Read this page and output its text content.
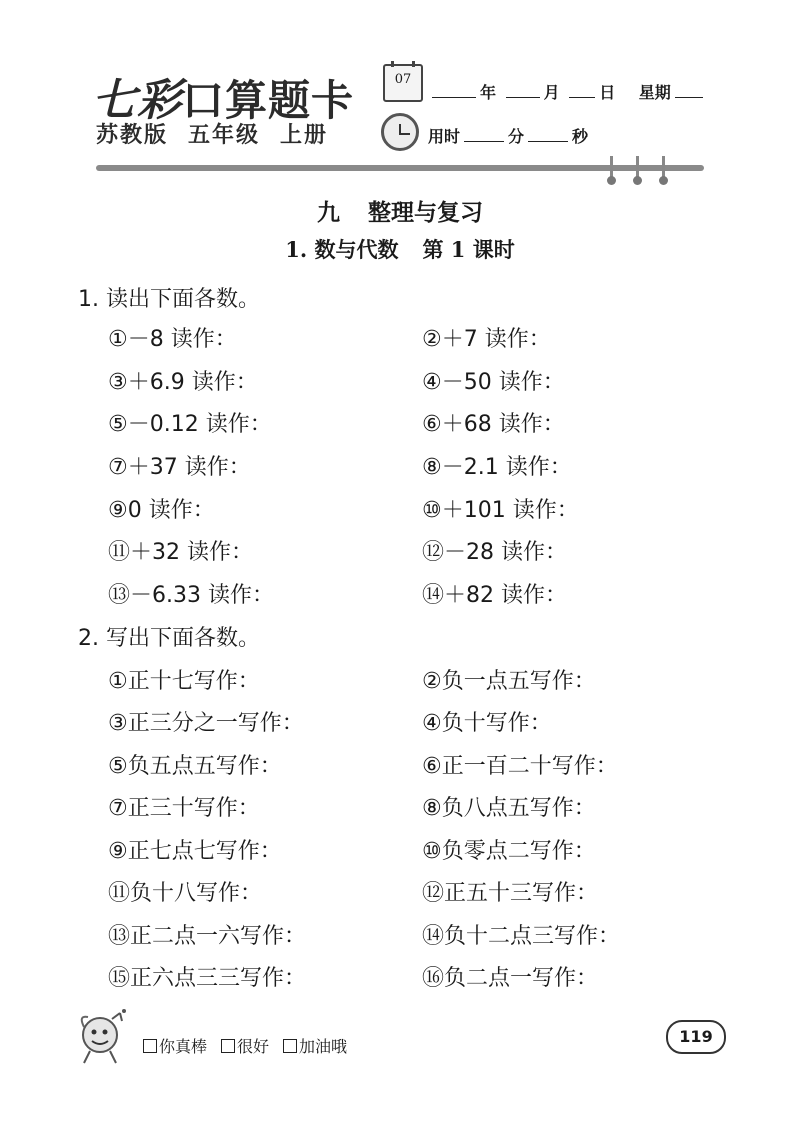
七彩口算题卡
苏教版 五年级 上册
07
年	月 日 星期
用时	分	秒
九 整理与复习
1. 数与代数 第 1 课时
1. 读出下面各数。
①－8 读作：	②＋7 读作：
③＋6.9 读作：	④－50 读作：
⑤－0.12 读作：	⑥＋68 读作：
⑦＋37 读作：	⑧－2.1 读作：
⑨0 读作：	⑩＋101 读作：
⑪＋32 读作：	⑫－28 读作：
⑬－6.33 读作：	⑭＋82 读作：
2. 写出下面各数。
①正十七写作：	②负一点五写作：
③正三分之一写作：	④负十写作：
⑤负五点五写作：	⑥正一百二十写作：
⑦正三十写作：	⑧负八点五写作：
⑨正七点七写作：	⑩负零点二写作：
⑪负十八写作：	⑫正五十三写作：
⑬正二点一六写作：	⑭负十二点三写作：
⑮正六点三三写作：	⑯负二点一写作：
你真棒 很好 加油哦
119
